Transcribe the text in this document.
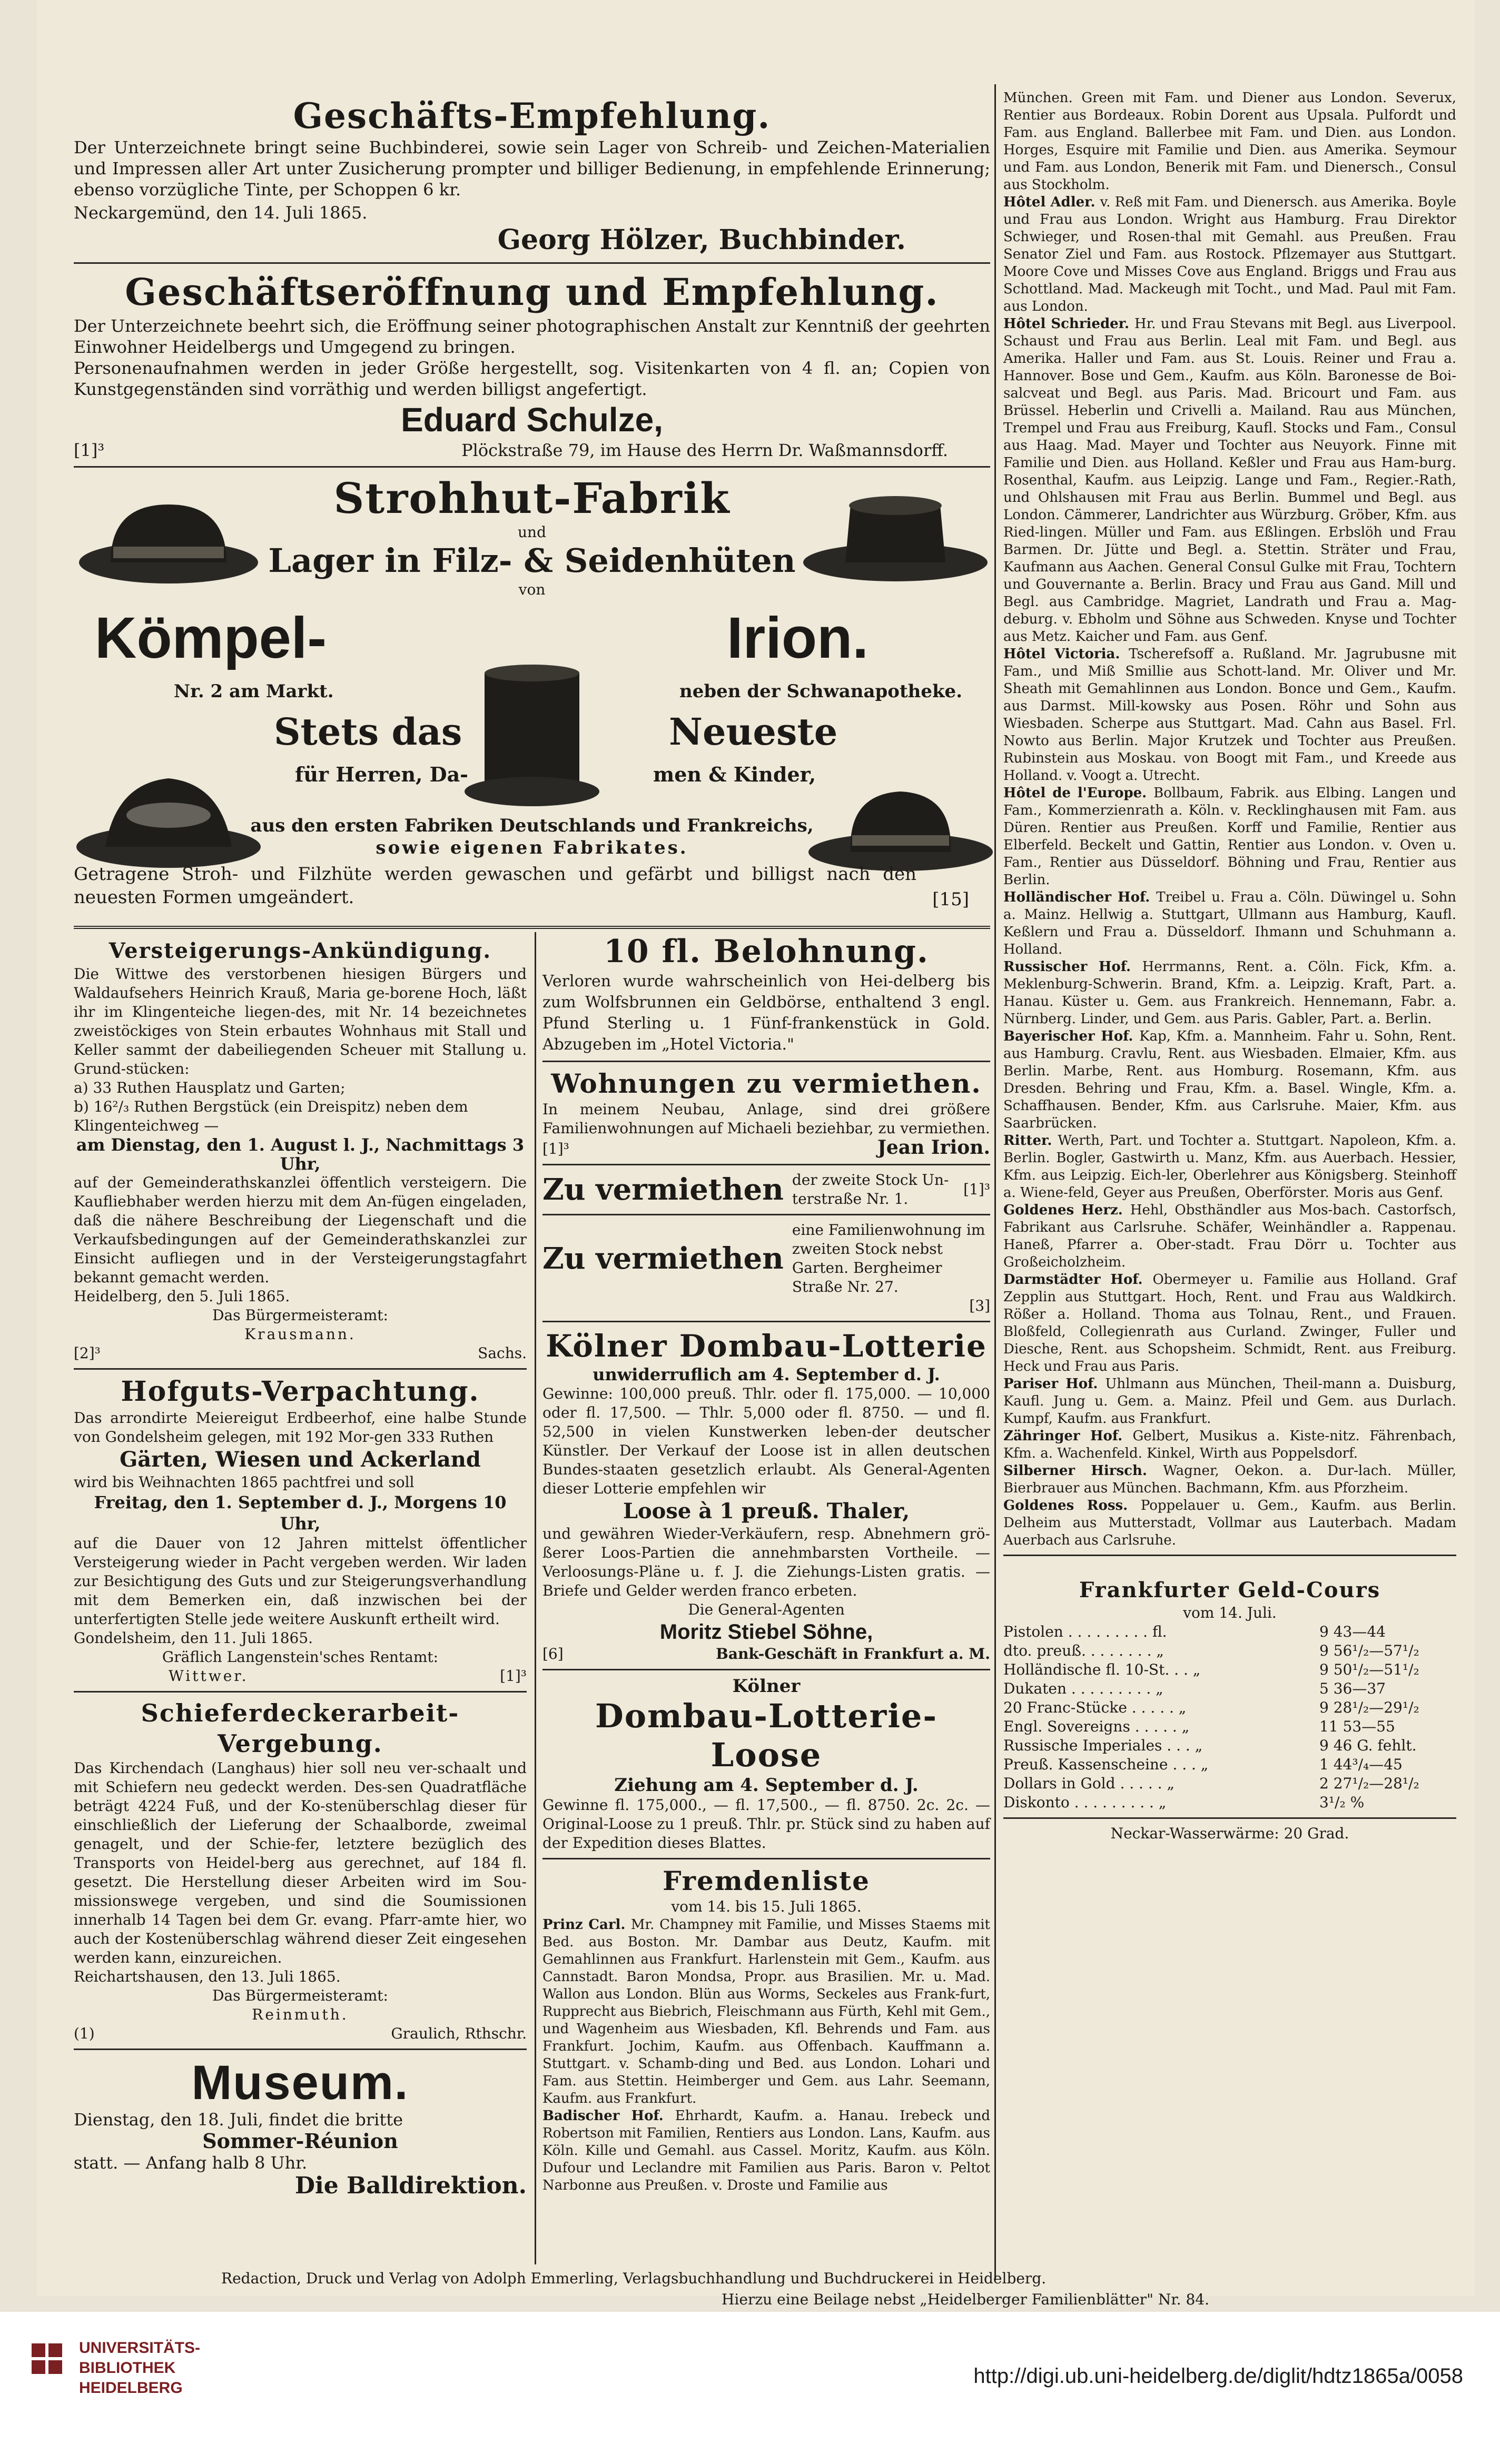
Geschäfts-Empfehlung.

Der Unterzeichnete bringt seine Buchbinderei, sowie sein Lager von Schreib- und Zeichen-Materialien und Impressen aller Art unter Zusicherung prompter und billiger Bedienung, in empfehlende Erinnerung; ebenso vorzügliche Tinte, per Schoppen 6 kr.

Neckargemünd, den 14. Juli 1865.
Georg Hölzer, Buchbinder.
Geschäftseröffnung und Empfehlung.

Der Unterzeichnete beehrt sich, die Eröffnung seiner photographischen Anstalt zur Kenntniß der geehrten Einwohner Heidelbergs und Umgegend zu bringen.

Personenaufnahmen werden in jeder Größe hergestellt, sog. Visitenkarten von 4 fl. an; Copien von Kunstgegenständen sind vorräthig und werden billigst angefertigt.

Eduard Schulze,
[1]³	Plöckstraße 79, im Hause des Herrn Dr. Waßmannsdorff.
Strohhut-Fabrik
und
Lager in Filz- & Seidenhüten
von
Kömpel-	Irion.
Nr. 2 am Markt.	neben der Schwanapotheke.
Stets das	Neueste
für Herren, Da-	men & Kinder,
aus den ersten Fabriken Deutschlands und Frankreichs,
sowie eigenen Fabrikates.

Getragene Stroh- und Filzhüte werden gewaschen und gefärbt und billigst nach den neuesten Formen umgeändert.	[15]
Versteigerungs-Ankündigung.

Die Wittwe des verstorbenen hiesigen Bürgers und Waldaufsehers Heinrich Krauß, Maria ge-borene Hoch, läßt ihr im Klingenteiche liegen-des, mit Nr. 14 bezeichnetes zweistöckiges von Stein erbautes Wohnhaus mit Stall und Keller sammt der dabeiliegenden Scheuer mit Stallung u. Grund-stücken:

a) 33 Ruthen Hausplatz und Garten;

b) 16²/₃ Ruthen Bergstück (ein Dreispitz) neben dem Klingenteichweg —

am Dienstag, den 1. August l. J., Nachmittags 3 Uhr,

auf der Gemeinderathskanzlei öffentlich versteigern. Die Kaufliebhaber werden hierzu mit dem An-fügen eingeladen, daß die nähere Beschreibung der Liegenschaft und die Verkaufsbedingungen auf der Gemeinderathskanzlei zur Einsicht aufliegen und in der Versteigerungstagfahrt bekannt gemacht werden.

Heidelberg, den 5. Juli 1865.

Das Bürgermeisteramt:

Krausmann.

[2]³	Sachs.
Hofguts-Verpachtung.

Das arrondirte Meiereigut Erdbeerhof, eine halbe Stunde von Gondelsheim gelegen, mit 192 Mor-gen 333 Ruthen

Gärten, Wiesen und Ackerland

wird bis Weihnachten 1865 pachtfrei und soll

Freitag, den 1. September d. J., Morgens 10 Uhr,

auf die Dauer von 12 Jahren mittelst öffentlicher Versteigerung wieder in Pacht vergeben werden. Wir laden zur Besichtigung des Guts und zur Steigerungsverhandlung mit dem Bemerken ein, daß inzwischen bei der unterfertigten Stelle jede weitere Auskunft ertheilt wird.

Gondelsheim, den 11. Juli 1865.

Gräflich Langenstein'sches Rentamt:

Wittwer.	[1]³
Schieferdeckerarbeit-Vergebung.

Das Kirchendach (Langhaus) hier soll neu ver-schaalt und mit Schiefern neu gedeckt werden. Des-sen Quadratfläche beträgt 4224 Fuß, und der Ko-stenüberschlag dieser für einschließlich der Lieferung der Schaalborde, zweimal genagelt, und der Schie-fer, letztere bezüglich des Transports von Heidel-berg aus gerechnet, auf 184 fl. gesetzt. Die Herstellung dieser Arbeiten wird im Sou-missionswege vergeben, und sind die Soumissionen innerhalb 14 Tagen bei dem Gr. evang. Pfarr-amte hier, wo auch der Kostenüberschlag während dieser Zeit eingesehen werden kann, einzureichen.

Reichartshausen, den 13. Juli 1865.

Das Bürgermeisteramt:

Reinmuth.

(1)	Graulich, Rthschr.
Museum.

Dienstag, den 18. Juli, findet die britte

Sommer-Réunion

statt. — Anfang halb 8 Uhr.

Die Balldirektion.

10 fl. Belohnung.

Verloren wurde wahrscheinlich von Hei-delberg bis zum Wolfsbrunnen ein Geldbörse, enthaltend 3 engl. Pfund Sterling u. 1 Fünf-frankenstück in Gold. Abzugeben im „Hotel Victoria."

Wohnungen zu vermiethen.

In meinem Neubau, Anlage, sind drei größere Familienwohnungen auf Michaeli beziehbar, zu vermiethen.

[1]³	Jean Irion.
Zu vermiethen der zweite Stock Un-terstraße Nr. 1.
[1]³
Zu vermiethen
eine Familienwohnung im zweiten Stock nebst Garten. Bergheimer Straße Nr. 27.
[3]
Kölner Dombau-Lotterie

unwiderruflich am 4. September d. J.

Gewinne: 100,000 preuß. Thlr. oder fl. 175,000. — 10,000 oder fl. 17,500. — Thlr. 5,000 oder fl. 8750. — und fl. 52,500 in vielen Kunstwerken leben-der deutscher Künstler. Der Verkauf der Loose ist in allen deutschen Bundes-staaten gesetzlich erlaubt. Als General-Agenten dieser Lotterie empfehlen wir

Loose à 1 preuß. Thaler,

und gewähren Wieder-Verkäufern, resp. Abnehmern grö-ßerer Loos-Partien die annehmbarsten Vortheile. — Verloosungs-Pläne u. f. J. die Ziehungs-Listen gratis. — Briefe und Gelder werden franco erbeten.

Die General-Agenten

Moritz Stiebel Söhne,

[6]	Bank-Geschäft in Frankfurt a. M.

Kölner

Dombau-Lotterie-Loose

Ziehung am 4. September d. J.

Gewinne fl. 175,000., — fl. 17,500., — fl. 8750. 2c. 2c. — Original-Loose zu 1 preuß. Thlr. pr. Stück sind zu haben auf der Expedition dieses Blattes.

Fremdenliste

vom 14. bis 15. Juli 1865.

Prinz Carl. Mr. Champney mit Familie, und Misses Staems mit Bed. aus Boston. Mr. Dambar aus Deutz, Kaufm. mit Gemahlinnen aus Frankfurt. Harlenstein mit Gem., Kaufm. aus Cannstadt. Baron Mondsa, Propr. aus Brasilien. Mr. u. Mad. Wallon aus London. Blün aus Worms, Seckeles aus Frank-furt, Rupprecht aus Biebrich, Fleischmann aus Fürth, Kehl mit Gem., und Wagenheim aus Wiesbaden, Kfl. Behrends und Fam. aus Frankfurt. Jochim, Kaufm. aus Offenbach. Kauffmann a. Stuttgart. v. Schamb-ding und Bed. aus London. Lohari und Fam. aus Stettin. Heimberger und Gem. aus Lahr. Seemann, Kaufm. aus Frankfurt.

Badischer Hof. Ehrhardt, Kaufm. a. Hanau. Irebeck und Robertson mit Familien, Rentiers aus London. Lans, Kaufm. aus Köln. Kille und Gemahl. aus Cassel. Moritz, Kaufm. aus Köln. Dufour und Leclandre mit Familien aus Paris. Baron v. Peltot Narbonne aus Preußen. v. Droste und Familie aus

München. Green mit Fam. und Diener aus London. Severux, Rentier aus Bordeaux. Robin Dorent aus Upsala. Pulfordt und Fam. aus England. Ballerbee mit Fam. und Dien. aus London. Horges, Esquire mit Familie und Dien. aus Amerika. Seymour und Fam. aus London, Benerik mit Fam. und Dienersch., Consul aus Stockholm.

Hôtel Adler. v. Reß mit Fam. und Dienersch. aus Amerika. Boyle und Frau aus London. Wright aus Hamburg. Frau Direktor Schwieger, und Rosen-thal mit Gemahl. aus Preußen. Frau Senator Ziel und Fam. aus Rostock. Pflzemayer aus Stuttgart. Moore Cove und Misses Cove aus England. Briggs und Frau aus Schottland. Mad. Mackeugh mit Tocht., und Mad. Paul mit Fam. aus London.

Hôtel Schrieder. Hr. und Frau Stevans mit Begl. aus Liverpool. Schaust und Frau aus Berlin. Leal mit Fam. und Begl. aus Amerika. Haller und Fam. aus St. Louis. Reiner und Frau a. Hannover. Bose und Gem., Kaufm. aus Köln. Baronesse de Boi-salcveat und Begl. aus Paris. Mad. Bricourt und Fam. aus Brüssel. Heberlin und Crivelli a. Mailand. Rau aus München, Trempel und Frau aus Freiburg, Kaufl. Stocks und Fam., Consul aus Haag. Mad. Mayer und Tochter aus Neuyork. Finne mit Familie und Dien. aus Holland. Keßler und Frau aus Ham-burg. Rosenthal, Kaufm. aus Leipzig. Lange und Fam., Regier.-Rath, und Ohlshausen mit Frau aus Berlin. Bummel und Begl. aus London. Cämmerer, Landrichter aus Würzburg. Gröber, Kfm. aus Ried-lingen. Müller und Fam. aus Eßlingen. Erbslöh und Frau Barmen. Dr. Jütte und Begl. a. Stettin. Sträter und Frau, Kaufmann aus Aachen. General Consul Gulke mit Frau, Tochtern und Gouvernante a. Berlin. Bracy und Frau aus Gand. Mill und Begl. aus Cambridge. Magriet, Landrath und Frau a. Mag-deburg. v. Ebholm und Söhne aus Schweden. Knyse und Tochter aus Metz. Kaicher und Fam. aus Genf.

Hôtel Victoria. Tscherefsoff a. Rußland. Mr. Jagrubusne mit Fam., und Miß Smillie aus Schott-land. Mr. Oliver und Mr. Sheath mit Gemahlinnen aus London. Bonce und Gem., Kaufm. aus Darmst. Mill-kowsky aus Posen. Röhr und Sohn aus Wiesbaden. Scherpe aus Stuttgart. Mad. Cahn aus Basel. Frl. Nowto aus Berlin. Major Krutzek und Tochter aus Preußen. Rubinstein aus Moskau. von Boogt mit Fam., und Kreede aus Holland. v. Voogt a. Utrecht.

Hôtel de l'Europe. Bollbaum, Fabrik. aus Elbing. Langen und Fam., Kommerzienrath a. Köln. v. Recklinghausen mit Fam. aus Düren. Rentier aus Preußen. Korff und Familie, Rentier aus Elberfeld. Beckelt und Gattin, Rentier aus London. v. Oven u. Fam., Rentier aus Düsseldorf. Böhning und Frau, Rentier aus Berlin.

Holländischer Hof. Treibel u. Frau a. Cöln. Düwingel u. Sohn a. Mainz. Hellwig a. Stuttgart, Ullmann aus Hamburg, Kaufl. Keßlern und Frau a. Düsseldorf. Ihmann und Schuhmann a. Holland.

Russischer Hof. Herrmanns, Rent. a. Cöln. Fick, Kfm. a. Meklenburg-Schwerin. Brand, Kfm. a. Leipzig. Kraft, Part. a. Hanau. Küster u. Gem. aus Frankreich. Hennemann, Fabr. a. Nürnberg. Linder, und Gem. aus Paris. Gabler, Part. a. Berlin.

Bayerischer Hof. Kap, Kfm. a. Mannheim. Fahr u. Sohn, Rent. aus Hamburg. Cravlu, Rent. aus Wiesbaden. Elmaier, Kfm. aus Berlin. Marbe, Rent. aus Homburg. Rosemann, Kfm. aus Dresden. Behring und Frau, Kfm. a. Basel. Wingle, Kfm. a. Schaffhausen. Bender, Kfm. aus Carlsruhe. Maier, Kfm. aus Saarbrücken.

Ritter. Werth, Part. und Tochter a. Stuttgart. Napoleon, Kfm. a. Berlin. Bogler, Gastwirth u. Manz, Kfm. aus Auerbach. Hessier, Kfm. aus Leipzig. Eich-ler, Oberlehrer aus Königsberg. Steinhoff a. Wiene-feld, Geyer aus Preußen, Oberförster. Moris aus Genf.

Goldenes Herz. Hehl, Obsthändler aus Mos-bach. Castorfsch, Fabrikant aus Carlsruhe. Schäfer, Weinhändler a. Rappenau. Haneß, Pfarrer a. Ober-stadt. Frau Dörr u. Tochter aus Großeicholzheim.

Darmstädter Hof. Obermeyer u. Familie aus Holland. Graf Zepplin aus Stuttgart. Hoch, Rent. und Frau aus Waldkirch. Rößer a. Holland. Thoma aus Tolnau, Rent., und Frauen. Bloßfeld, Collegienrath aus Curland. Zwinger, Fuller und Diesche, Rent. aus Schopsheim. Schmidt, Rent. aus Freiburg. Heck und Frau aus Paris.

Pariser Hof. Uhlmann aus München, Theil-mann a. Duisburg, Kaufl. Jung u. Gem. a. Mainz. Pfeil und Gem. aus Durlach. Kumpf, Kaufm. aus Frankfurt.

Zähringer Hof. Gelbert, Musikus a. Kiste-nitz. Fährenbach, Kfm. a. Wachenfeld. Kinkel, Wirth aus Poppelsdorf.

Silberner Hirsch. Wagner, Oekon. a. Dur-lach. Müller, Bierbrauer aus München. Bachmann, Kfm. aus Pforzheim.

Goldenes Ross. Poppelauer u. Gem., Kaufm. aus Berlin. Delheim aus Mutterstadt, Vollmar aus Lauterbach. Madam Auerbach aus Carlsruhe.

Frankfurter Geld-Cours

vom 14. Juli.

Pistolen . . . . . . . . . fl.	9 43—44
dto. preuß. . . . . . . . „	9 56¹/₂—57¹/₂
Holländische fl. 10-St. . . „	9 50¹/₂—51¹/₂
Dukaten . . . . . . . . . „	5 36—37
20 Franc-Stücke . . . . . „	9 28¹/₂—29¹/₂
Engl. Sovereigns . . . . . „	11 53—55
Russische Imperiales . . . „	9 46 G. fehlt.
Preuß. Kassenscheine . . . „	1 44³/₄—45
Dollars in Gold . . . . . „	2 27¹/₂—28¹/₂
Diskonto . . . . . . . . . „	3¹/₂ %

Neckar-Wasserwärme: 20 Grad.

Redaction, Druck und Verlag von Adolph Emmerling, Verlagsbuchhandlung und Buchdruckerei in Heidelberg.
Hierzu eine Beilage nebst „Heidelberger Familienblätter" Nr. 84.
UNIVERSITÄTS-
BIBLIOTHEK
HEIDELBERG
http://digi.ub.uni-heidelberg.de/diglit/hdtz1865a/0058
